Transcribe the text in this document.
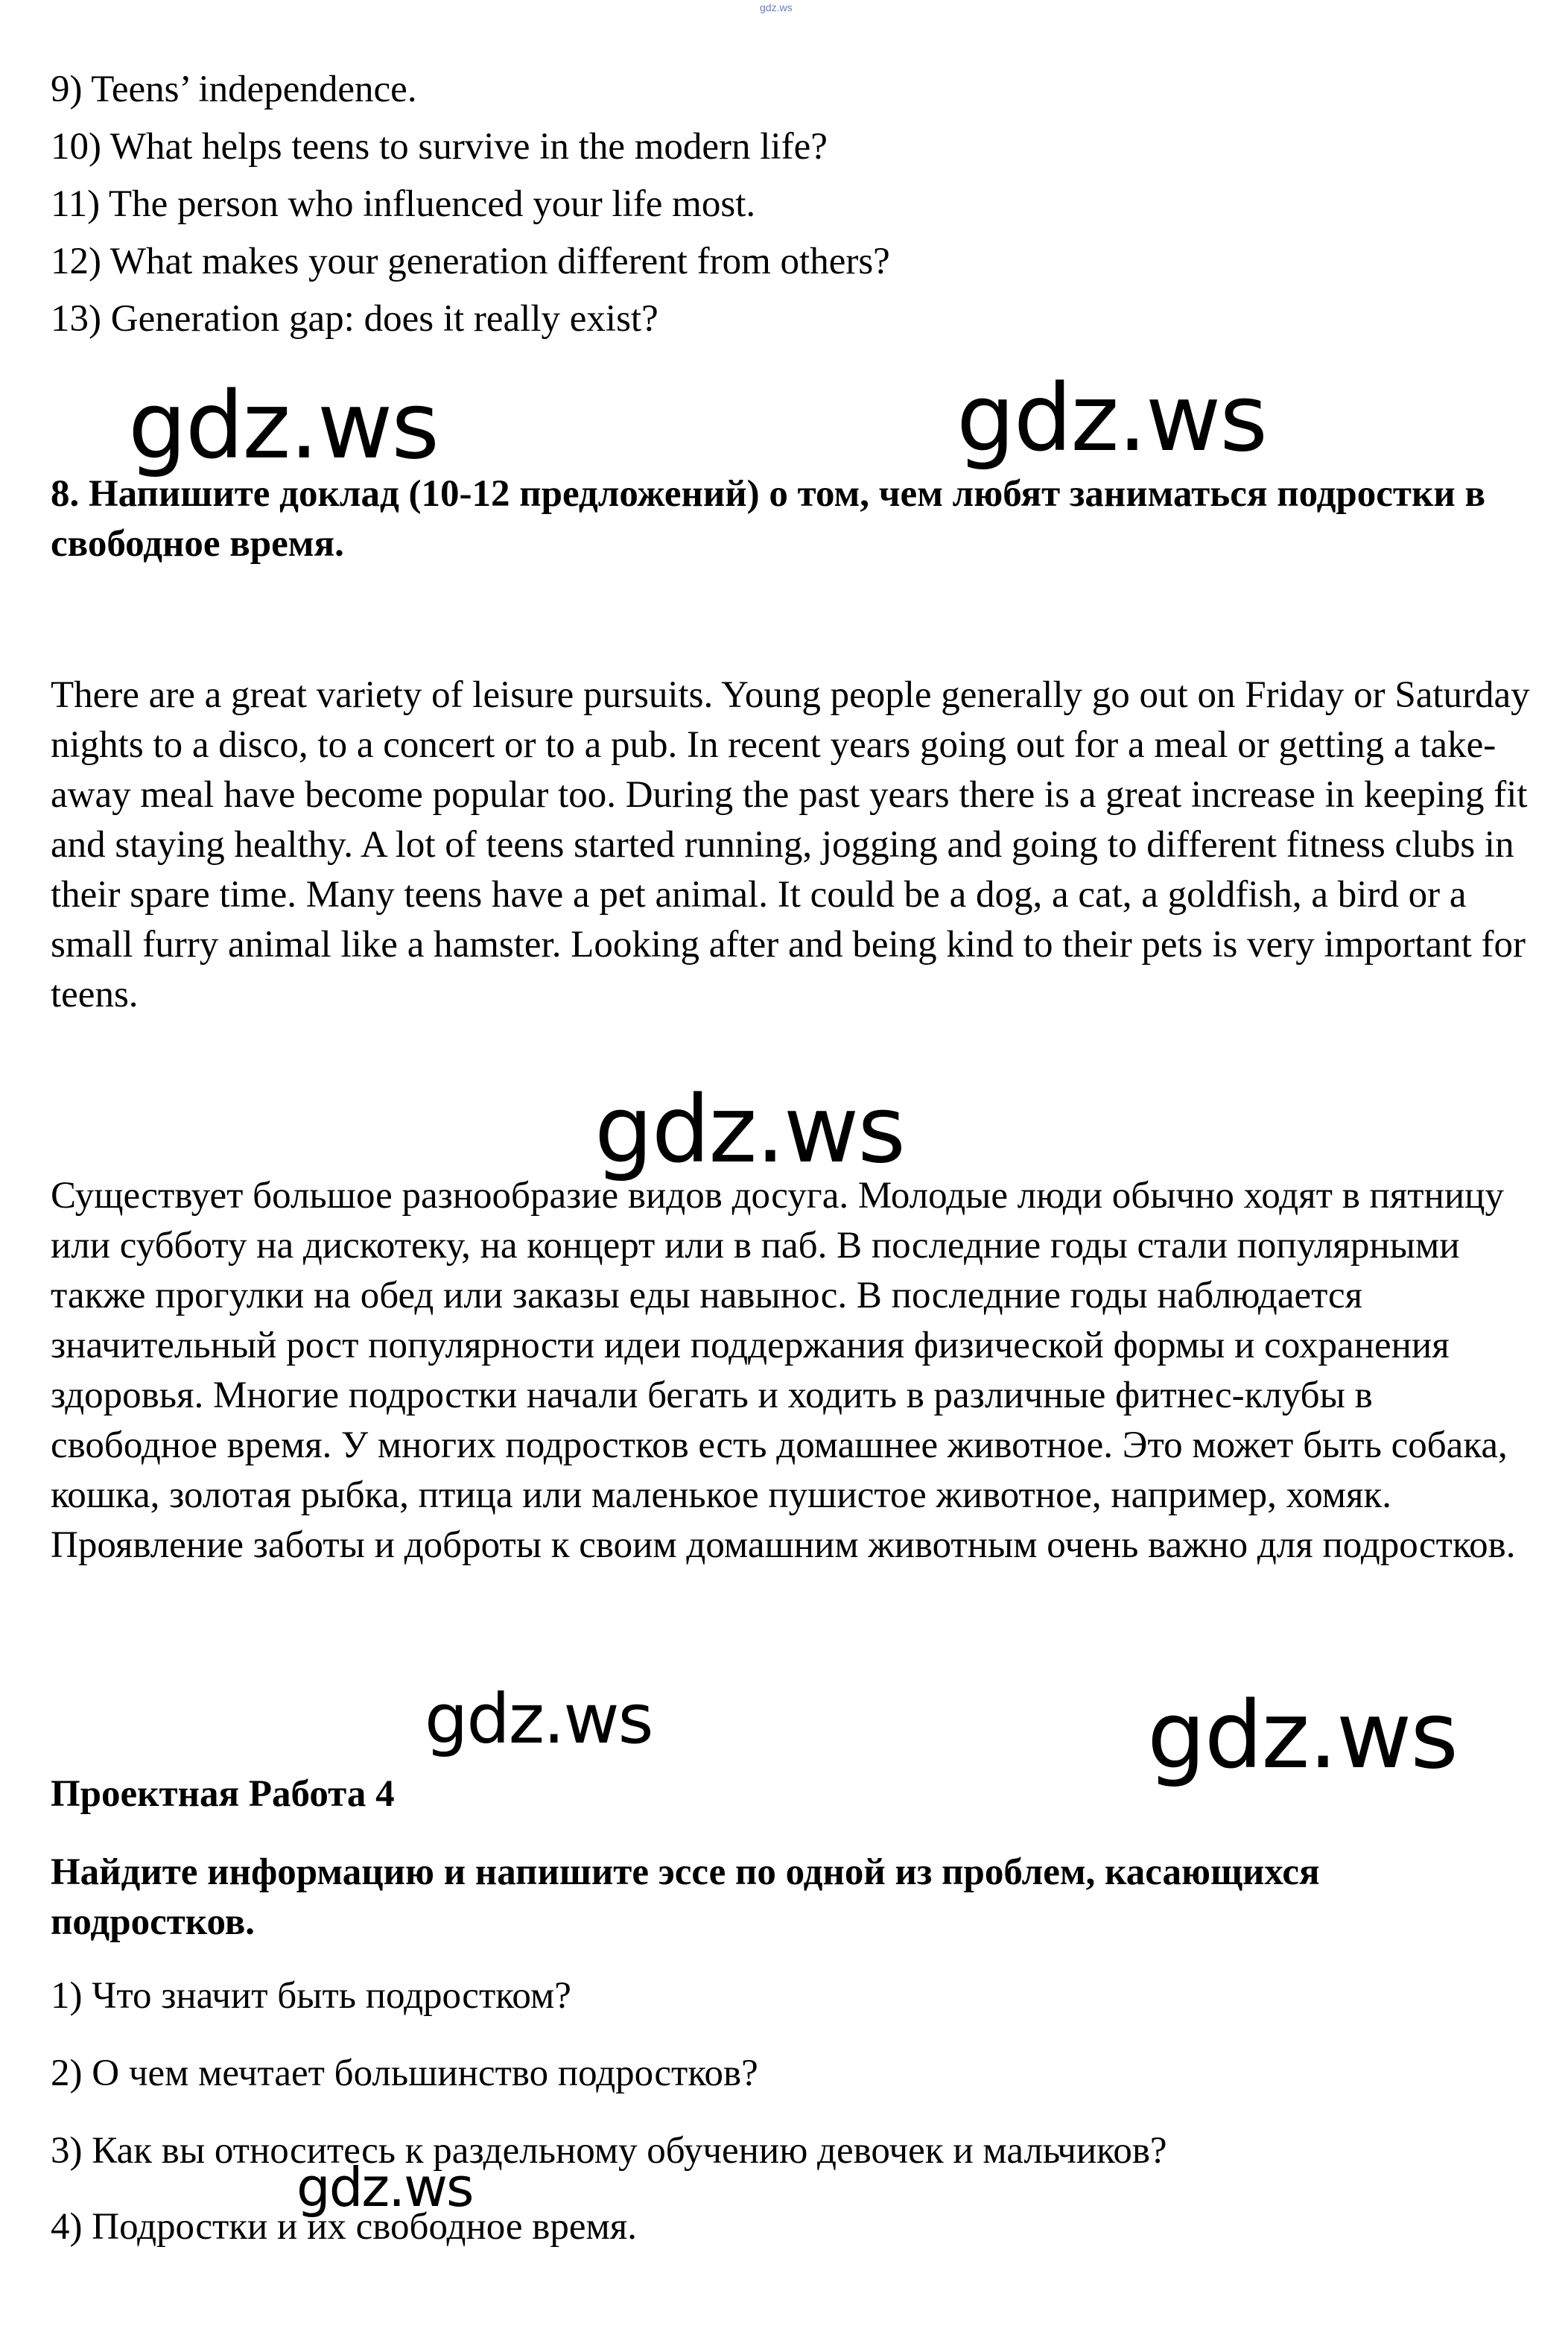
gdz.ws

9) Teens’ independence.

10) What helps teens to survive in the modern life?

11) The person who influenced your life most.

12) What makes your generation different from others?

13) Generation gap: does it really exist?

gdz.ws	gdz.ws

8. Напишите доклад (10-12 предложений) о том, чем любят заниматься подростки в свободное время.

There are a great variety of leisure pursuits. Young people generally go out on Friday or Saturday nights to a disco, to a concert or to a pub. In recent years going out for a meal or getting a take-away meal have become popular too. During the past years there is a great increase in keeping fit and staying healthy. A lot of teens started running, jogging and going to different fitness clubs in their spare time. Many teens have a pet animal. It could be a dog, a cat, a goldfish, a bird or a small furry animal like a hamster. Looking after and being kind to their pets is very important for teens.

gdz.ws

Существует большое разнообразие видов досуга. Молодые люди обычно ходят в пятницу или субботу на дискотеку, на концерт или в паб. В последние годы стали популярными также прогулки на обед или заказы еды навынос. В последние годы наблюдается значительный рост популярности идеи поддержания физической формы и сохранения здоровья. Многие подростки начали бегать и ходить в различные фитнес-клубы в свободное время. У многих подростков есть домашнее животное. Это может быть собака, кошка, золотая рыбка, птица или маленькое пушистое животное, например, хомяк. Проявление заботы и доброты к своим домашним животным очень важно для подростков.

gdz.ws	gdz.ws

Проектная Работа 4

Найдите информацию и напишите эссе по одной из проблем, касающихся подростков.

1) Что значит быть подростком?

2) О чем мечтает большинство подростков?

3) Как вы относитесь к раздельному обучению девочек и мальчиков?

4) Подростки и их свободное время.

gdz.ws
